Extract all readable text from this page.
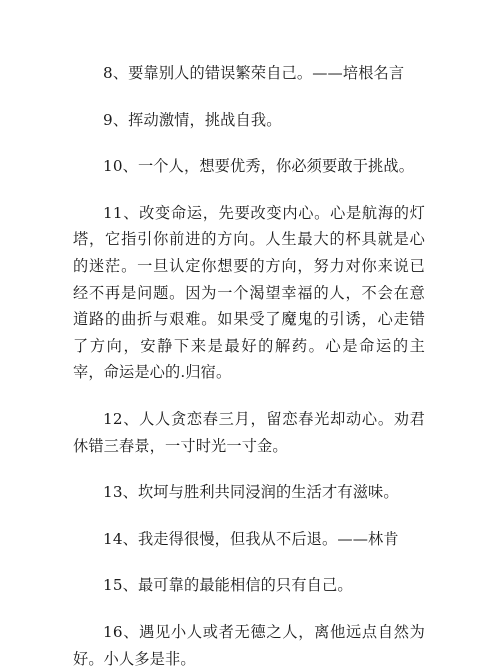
8、要靠别人的错误繁荣自己。——培根名言

9、挥动激情，挑战自我。

10、一个人，想要优秀，你必须要敢于挑战。

11、改变命运，先要改变内心。心是航海的灯塔，它指引你前进的方向。人生最大的杯具就是心的迷茫。一旦认定你想要的方向，努力对你来说已经不再是问题。因为一个渴望幸福的人，不会在意道路的曲折与艰难。如果受了魔鬼的引诱，心走错了方向，安静下来是最好的解药。心是命运的主宰，命运是心的.归宿。

12、人人贪恋春三月，留恋春光却动心。劝君休错三春景，一寸时光一寸金。

13、坎坷与胜利共同浸润的生活才有滋味。

14、我走得很慢，但我从不后退。——林肯

15、最可靠的最能相信的只有自己。

16、遇见小人或者无德之人，离他远点自然为好。小人多是非。
